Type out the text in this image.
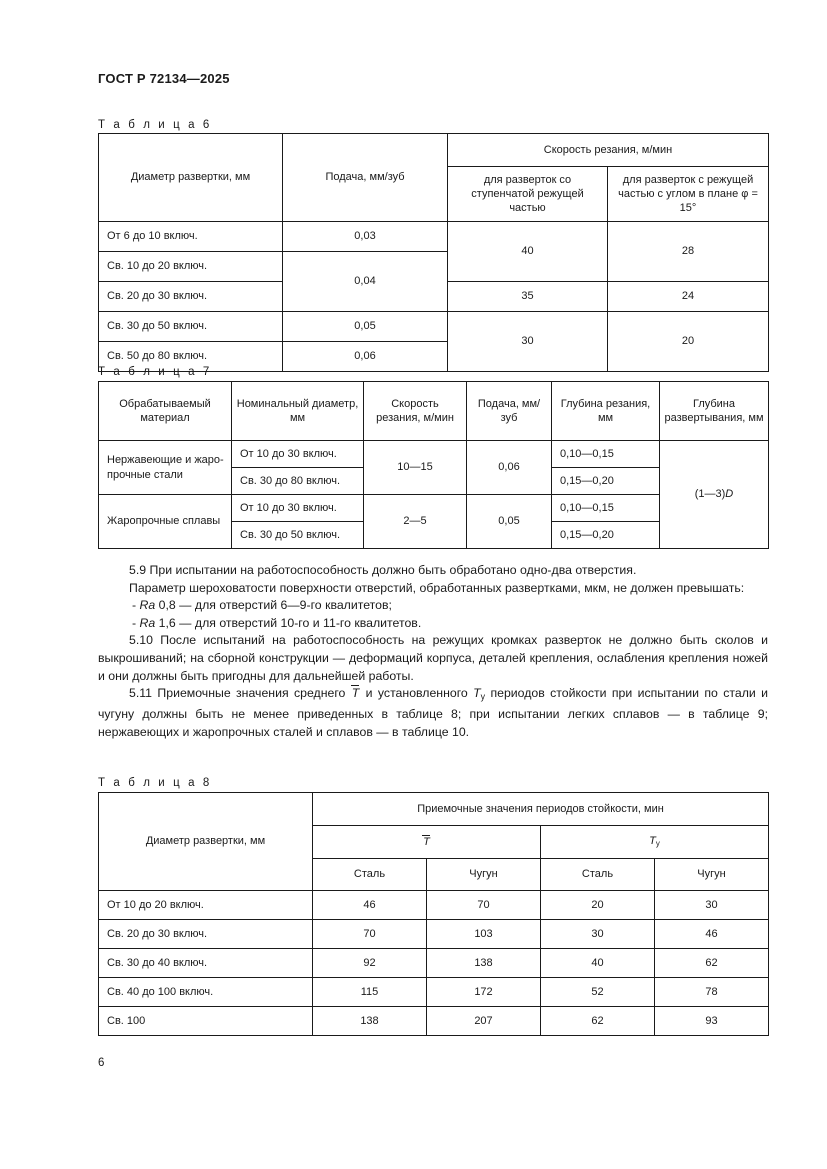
ГОСТ Р 72134—2025
Т а б л и ц а 6
Диаметр развертки, мм	Подача, мм/зуб	Скорость резания, м/мин	
		для разверток со ступенчатой режущей частью	для разверток с режущей частью с углом в плане φ = 15°
От 6 до 10 включ.	0,03	40	28
Св. 10 до 20 включ.	0,04		
Св. 20 до 30 включ.		35	24
Св. 30 до 50 включ.	0,05	30	20
Св. 50 до 80 включ.	0,06		
Т а б л и ц а 7
Обрабатываемый материал	Номинальный диаметр, мм	Скорость резания, м/мин	Подача, мм/зуб	Глубина резания, мм	Глубина развертывания, мм
Нержавеющие и жаро- прочные стали	От 10 до 30 включ.	10—15	0,06	0,10—0,15	(1—3)D
	Св. 30 до 80 включ.			0,15—0,20	
Жаропрочные сплавы	От 10 до 30 включ.	2—5	0,05	0,10—0,15	
	Св. 30 до 50 включ.			0,15—0,20	

5.9 При испытании на работоспособность должно быть обработано одно-два отверстия.

Параметр шероховатости поверхности отверстий, обработанных развертками, мкм, не должен превышать:

- Ra 0,8 — для отверстий 6—9-го квалитетов;

- Ra 1,6 — для отверстий 10-го и 11-го квалитетов.

5.10 После испытаний на работоспособность на режущих кромках разверток не должно быть сколов и выкрошиваний; на сборной конструкции — деформаций корпуса, деталей крепления, ослабления крепления ножей и они должны быть пригодны для дальнейшей работы.

5.11 Приемочные значения среднего T и установленного $T_у$ периодов стойкости при испытании по стали и чугуну должны быть не менее приведенных в таблице 8; при испытании легких сплавов — в таблице 9; нержавеющих и жаропрочных сталей и сплавов — в таблице 10.

Т а б л и ц а 8
Диаметр развертки, мм	Приемочные значения периодов стойкости, мин			
	T		$T_у$
	Сталь	Чугун	Сталь	Чугун
От 10 до 20 включ.	46	70	20	30
Св. 20 до 30 включ.	70	103	30	46
Св. 30 до 40 включ.	92	138	40	62
Св. 40 до 100 включ.	115	172	52	78
Св. 100	138	207	62	93
6
